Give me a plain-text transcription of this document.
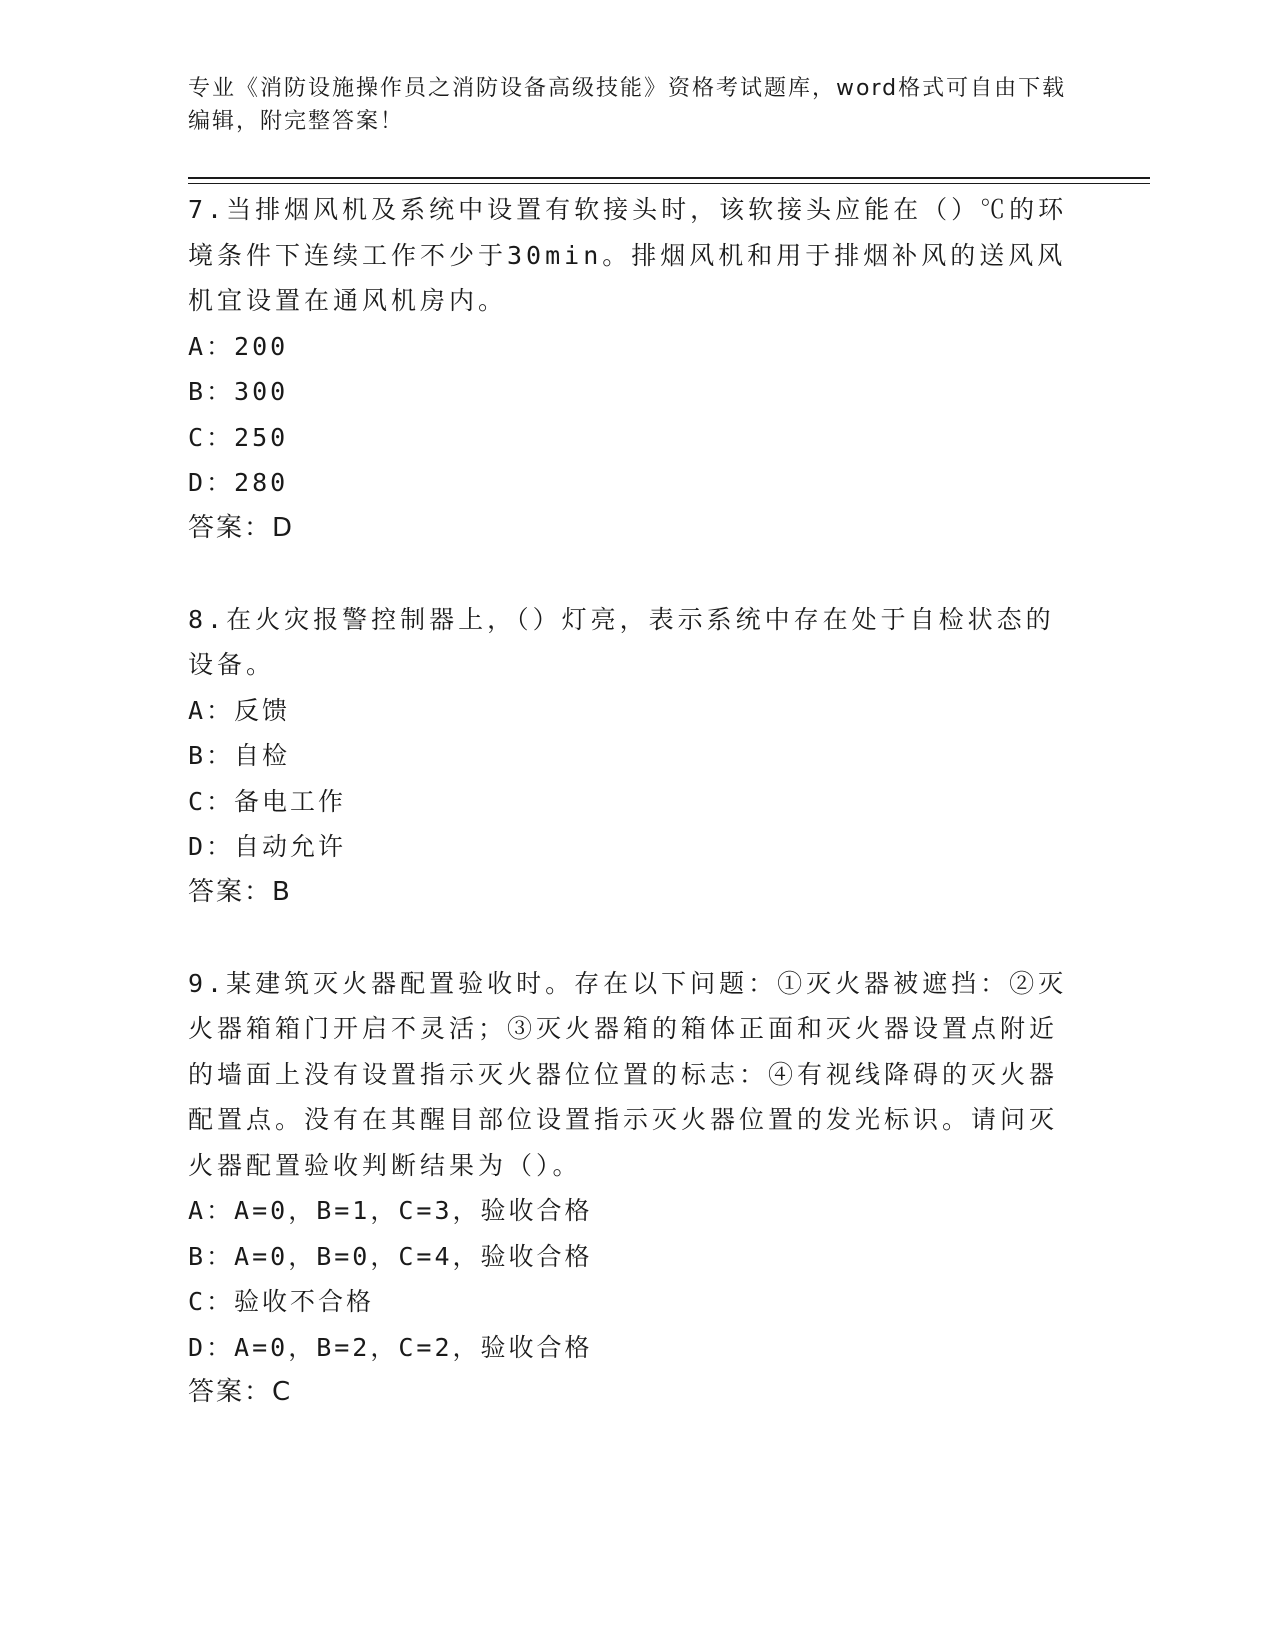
专业《消防设施操作员之消防设备高级技能》资格考试题库，word格式可自由下载编辑，附完整答案！

7.当排烟风机及系统中设置有软接头时，该软接头应能在（）℃的环境条件下连续工作不少于30min。排烟风机和用于排烟补风的送风风机宜设置在通风机房内。

A：200

B：300

C：250

D：280

答案：D

8.在火灾报警控制器上，（）灯亮，表示系统中存在处于自检状态的设备。

A：反馈

B：自检

C：备电工作

D：自动允许

答案：B

9.某建筑灭火器配置验收时。存在以下问题：①灭火器被遮挡：②灭火器箱箱门开启不灵活；③灭火器箱的箱体正面和灭火器设置点附近的墙面上没有设置指示灭火器位位置的标志：④有视线降碍的灭火器配置点。没有在其醒目部位设置指示灭火器位置的发光标识。请问灭火器配置验收判断结果为（）。

A：A=0，B=1，C=3，验收合格

B：A=0，B=0，C=4，验收合格

C：验收不合格

D：A=0，B=2，C=2，验收合格

答案：C
